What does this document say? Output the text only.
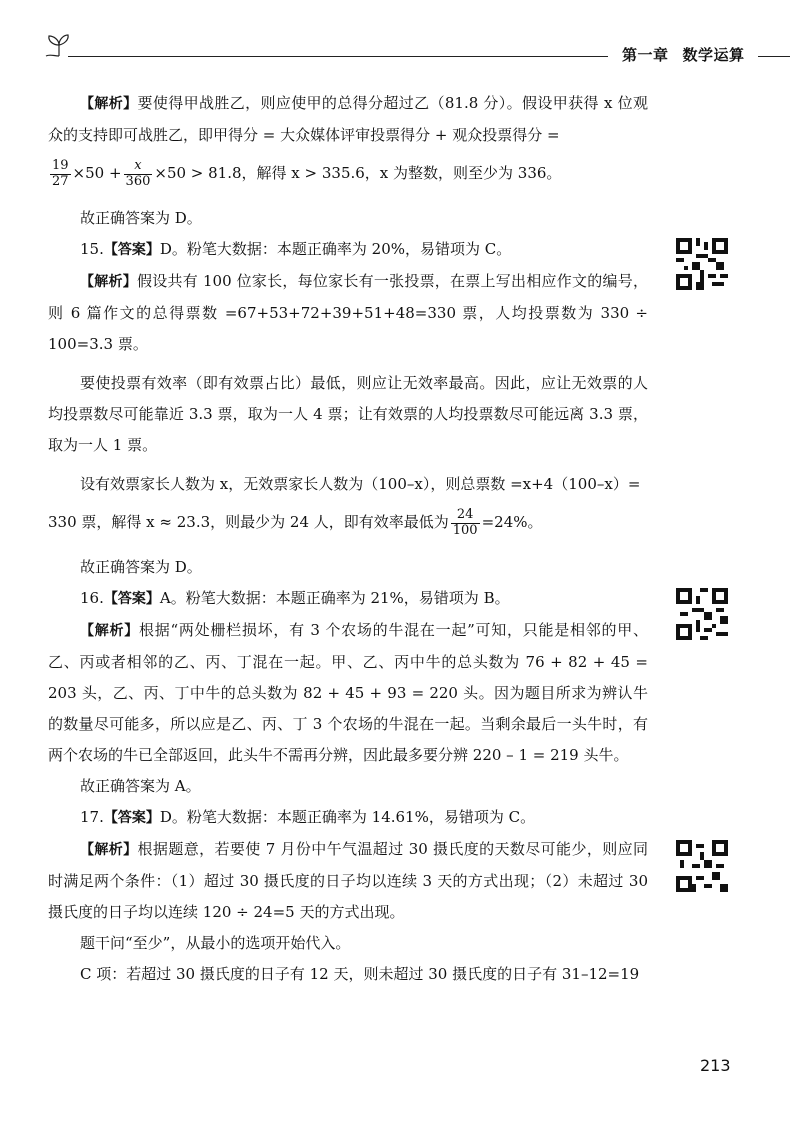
第一章 数学运算

【解析】要使得甲战胜乙，则应使甲的总得分超过乙（81.8 分）。假设甲获得 x 位观众的支持即可战胜乙，即甲得分 = 大众媒体评审投票得分 + 观众投票得分 =

$\frac{19}{27} \times 50 + \frac{x}{360} \times 50 > 81.8$，解得 x > 335.6，x 为整数，则至少为 336。

故正确答案为 D。

15.【答案】D。粉笔大数据：本题正确率为 20%，易错项为 C。

【解析】假设共有 100 位家长，每位家长有一张投票，在票上写出相应作文的编号，则 6 篇作文的总得票数 =67+53+72+39+51+48=330 票，人均投票数为 330 ÷ 100=3.3 票。

要使投票有效率（即有效票占比）最低，则应让无效率最高。因此，应让无效票的人均投票数尽可能靠近 3.3 票，取为一人 4 票；让有效票的人均投票数尽可能远离 3.3 票，取为一人 1 票。

设有效票家长人数为 x，无效票家长人数为（100–x），则总票数 =x+4（100–x）=

330 票，解得 x ≈ 23.3，则最少为 24 人，即有效率最低为 $\frac{24}{100} =24\%$。

故正确答案为 D。

16.【答案】A。粉笔大数据：本题正确率为 21%，易错项为 B。

【解析】根据“两处栅栏损坏，有 3 个农场的牛混在一起”可知，只能是相邻的甲、乙、丙或者相邻的乙、丙、丁混在一起。甲、乙、丙中牛的总头数为 76 + 82 + 45 = 203 头，乙、丙、丁中牛的总头数为 82 + 45 + 93 = 220 头。因为题目所求为辨认牛的数量尽可能多，所以应是乙、丙、丁 3 个农场的牛混在一起。当剩余最后一头牛时，有两个农场的牛已全部返回，此头牛不需再分辨，因此最多要分辨 220 – 1 = 219 头牛。

故正确答案为 A。

17.【答案】D。粉笔大数据：本题正确率为 14.61%，易错项为 C。

【解析】根据题意，若要使 7 月份中午气温超过 30 摄氏度的天数尽可能少，则应同时满足两个条件：（1）超过 30 摄氏度的日子均以连续 3 天的方式出现；（2）未超过 30 摄氏度的日子均以连续 120 ÷ 24=5 天的方式出现。

题干问“至少”，从最小的选项开始代入。

C 项：若超过 30 摄氏度的日子有 12 天，则未超过 30 摄氏度的日子有 31–12=19

213
